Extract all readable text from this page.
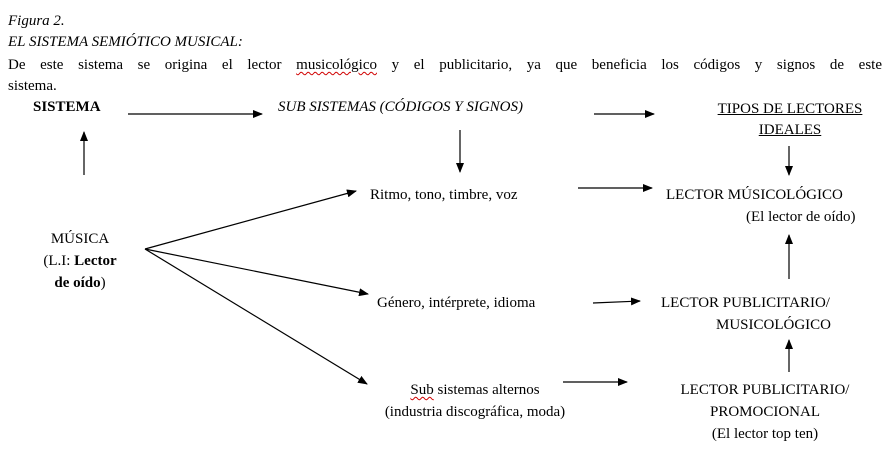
Figura 2.
EL SISTEMA SEMIÓTICO MUSICAL:
De este sistema se origina el lector musicológico y el publicitario, ya que beneficia los códigos y signos de este
sistema.
SISTEMA	SUB SISTEMAS (CÓDIGOS Y SIGNOS)	TIPOS DE LECTORES
IDEALES
MÚSICA
(L.I: Lector
de oído)
Ritmo, tono, timbre, voz
Género, intérprete, idioma
Sub sistemas alternos
(industria discográfica, moda)
LECTOR MÚSICOLÓGICO
(El lector de oído)
LECTOR PUBLICITARIO/
MUSICOLÓGICO
LECTOR PUBLICITARIO/
PROMOCIONAL
(El lector top ten)
